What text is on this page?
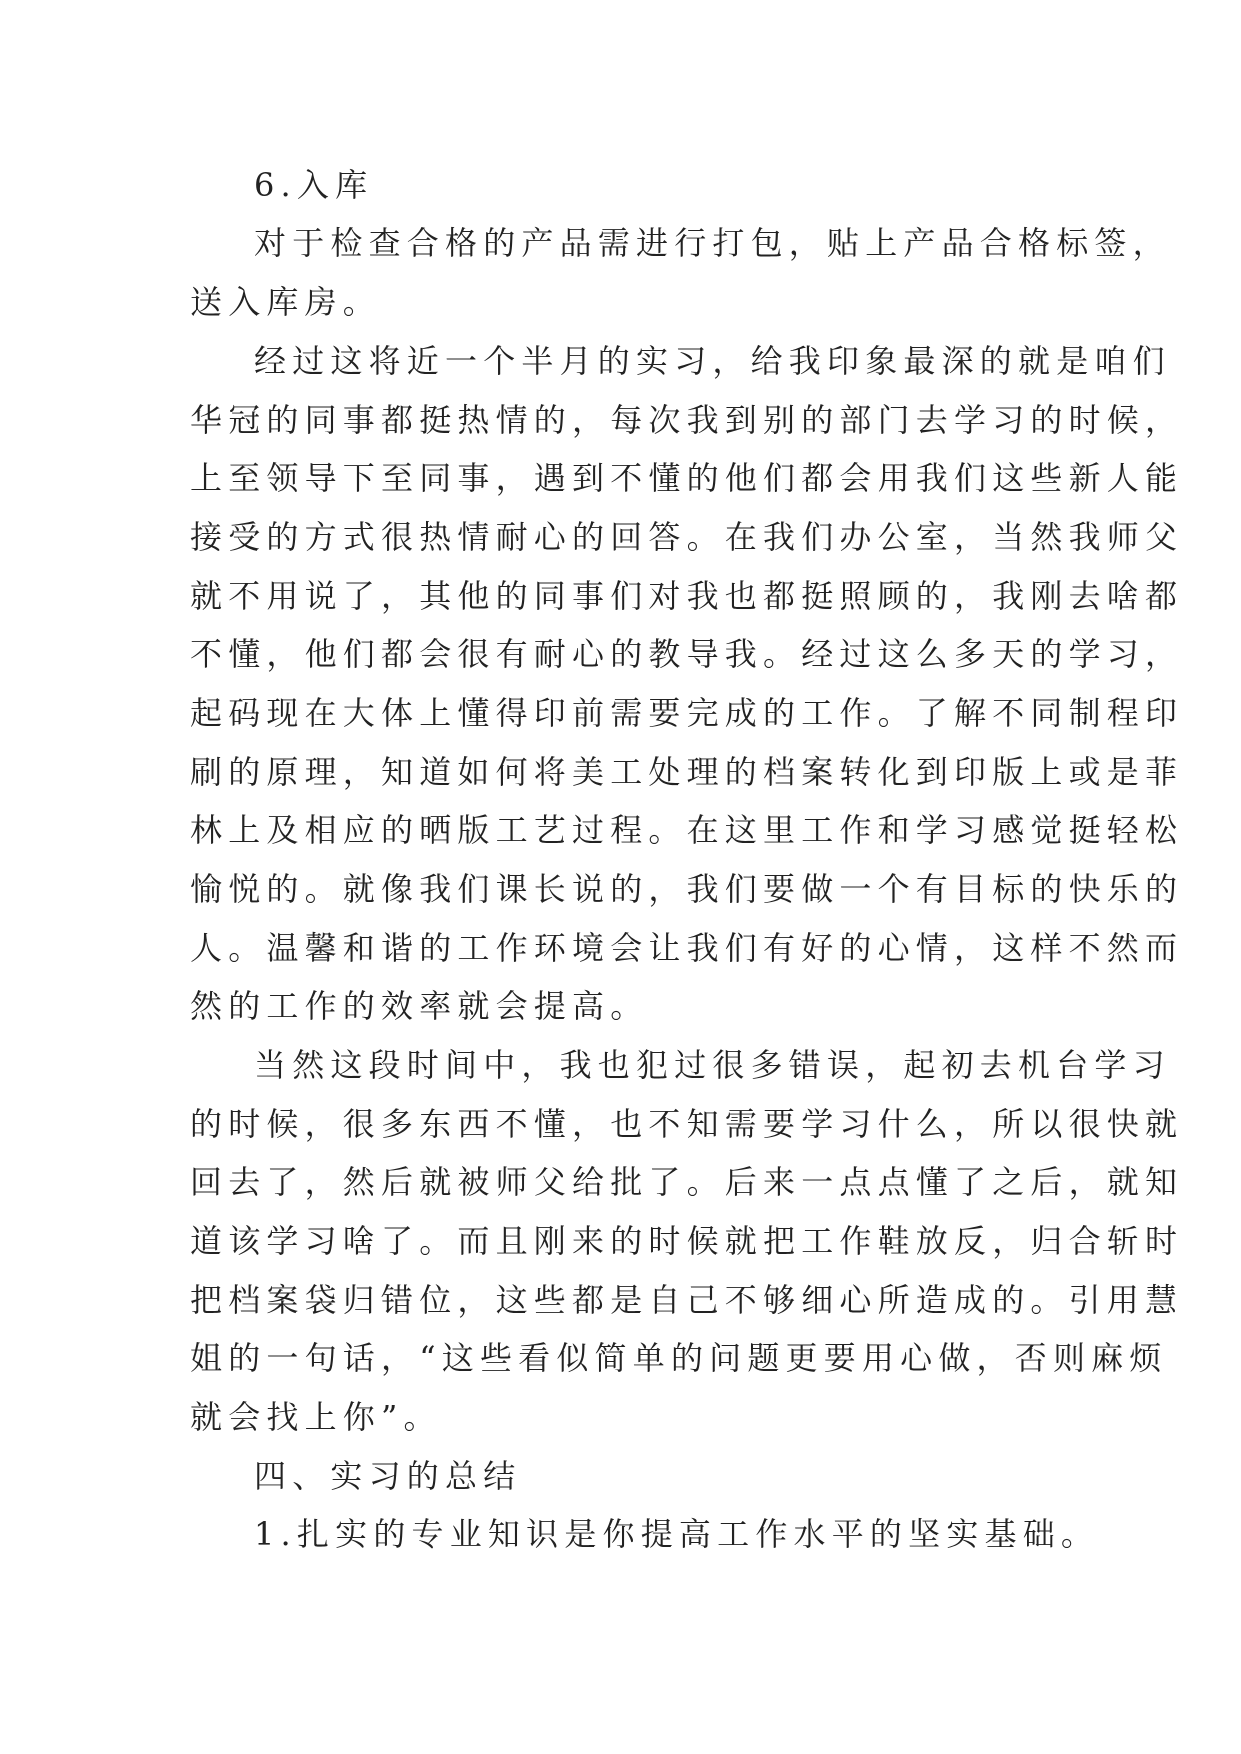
6.入库
对于检查合格的产品需进行打包，贴上产品合格标签，
送入库房。
经过这将近一个半月的实习，给我印象最深的就是咱们
华冠的同事都挺热情的，每次我到别的部门去学习的时候，
上至领导下至同事，遇到不懂的他们都会用我们这些新人能
接受的方式很热情耐心的回答。在我们办公室，当然我师父
就不用说了，其他的同事们对我也都挺照顾的，我刚去啥都
不懂，他们都会很有耐心的教导我。经过这么多天的学习，
起码现在大体上懂得印前需要完成的工作。了解不同制程印
刷的原理，知道如何将美工处理的档案转化到印版上或是菲
林上及相应的晒版工艺过程。在这里工作和学习感觉挺轻松
愉悦的。就像我们课长说的，我们要做一个有目标的快乐的
人。温馨和谐的工作环境会让我们有好的心情，这样不然而
然的工作的效率就会提高。
当然这段时间中，我也犯过很多错误，起初去机台学习
的时候，很多东西不懂，也不知需要学习什么，所以很快就
回去了，然后就被师父给批了。后来一点点懂了之后，就知
道该学习啥了。而且刚来的时候就把工作鞋放反，归合斩时
把档案袋归错位，这些都是自己不够细心所造成的。引用慧
姐的一句话，“这些看似简单的问题更要用心做，否则麻烦
就会找上你”。
四、实习的总结
1.扎实的专业知识是你提高工作水平的坚实基础。
